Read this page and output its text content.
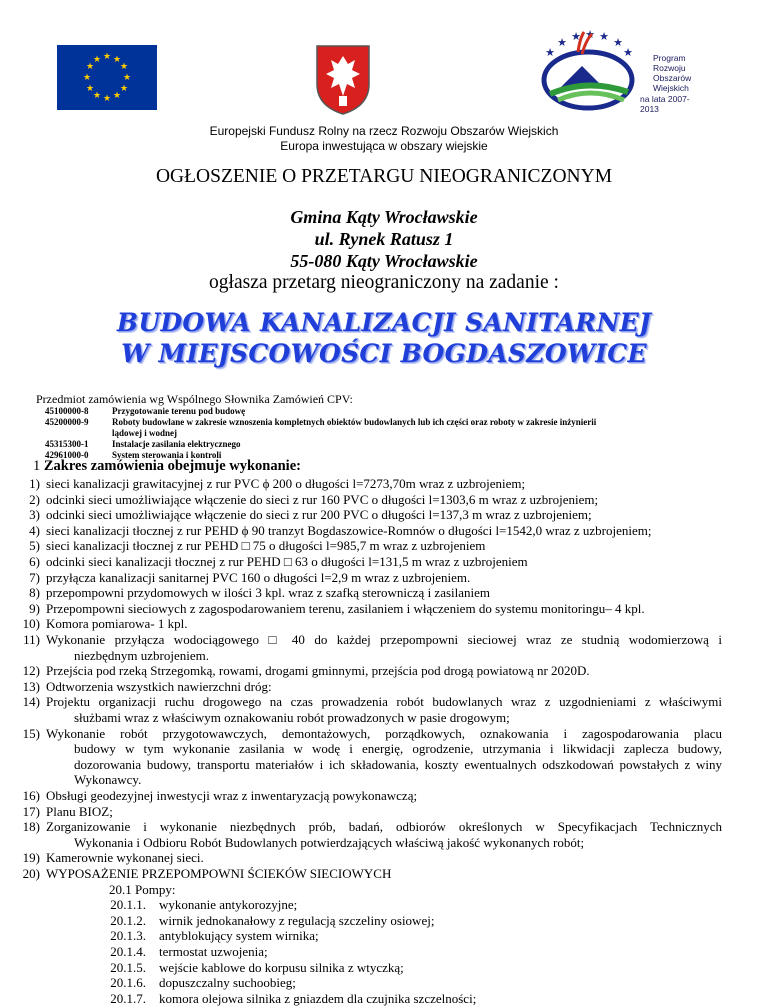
★ ★
★
★
★
★
★
★
★
★
★
★
★
★ ★ ★ ★ ★
★ Program
Rozwoju
Obszarów
Wiejskich
na lata 2007-2013
Europejski Fundusz Rolny na rzecz Rozwoju Obszarów Wiejskich
Europa inwestująca w obszary wiejskie
OGŁOSZENIE O PRZETARGU NIEOGRANICZONYM
Gmina Kąty Wrocławskie
ul. Rynek Ratusz 1
55-080 Kąty Wrocławskie
ogłasza przetarg nieograniczony na zadanie :
BUDOWA KANALIZACJI SANITARNEJ
W MIEJSCOWOŚCI BOGDASZOWICE
Przedmiot zamówienia wg Wspólnego Słownika Zamówień CPV:
45100000-8	Przygotowanie terenu pod budowę
45200000-9	Roboty budowlane w zakresie wznoszenia kompletnych obiektów budowlanych lub ich części oraz roboty w zakresie inżynierii
lądowej i wodnej
45315300-1	Instalacje zasilania elektrycznego
42961000-0	System sterowania i kontroli
1 Zakres zamówienia obejmuje wykonanie:
1) sieci kanalizacji grawitacyjnej z rur PVC ϕ 200 o długości l=7273,70m wraz z uzbrojeniem;
2) odcinki sieci umożliwiające włączenie do sieci z rur 160 PVC o długości l=1303,6 m wraz z uzbrojeniem;
3) odcinki sieci umożliwiające włączenie do sieci z rur 200 PVC o długości l=137,3 m wraz z uzbrojeniem;
4) sieci kanalizacji tłocznej z rur PEHD ϕ 90 tranzyt Bogdaszowice-Romnów o długości l=1542,0 wraz z uzbrojeniem;
5) sieci kanalizacji tłocznej z rur PEHD □ 75 o długości l=985,7 m wraz z uzbrojeniem
6) odcinki sieci kanalizacji tłocznej z rur PEHD □ 63 o długości l=131,5 m wraz z uzbrojeniem
7) przyłącza kanalizacji sanitarnej PVC 160 o długości l=2,9 m wraz z uzbrojeniem.
8) przepompowni przydomowych w ilości 3 kpl. wraz z szafką sterowniczą i zasilaniem
9) Przepompowni sieciowych z zagospodarowaniem terenu, zasilaniem i włączeniem do systemu monitoringu– 4 kpl.
10) Komora pomiarowa- 1 kpl.
11) Wykonanie przyłącza wodociągowego □ 40 do każdej przepompowni sieciowej wraz ze studnią wodomierzową i
niezbędnym uzbrojeniem.
12) Przejścia pod rzeką Strzegomką, rowami, drogami gminnymi, przejścia pod drogą powiatową nr 2020D.
13) Odtworzenia wszystkich nawierzchni dróg:
14) Projektu organizacji ruchu drogowego na czas prowadzenia robót budowlanych wraz z uzgodnieniami z właściwymi
służbami wraz z właściwym oznakowaniu robót prowadzonych w pasie drogowym;
15) Wykonanie robót przygotowawczych, demontażowych, porządkowych, oznakowania i zagospodarowania placu
budowy w tym wykonanie zasilania w wodę i energię, ogrodzenie, utrzymania i likwidacji zaplecza budowy,
dozorowania budowy, transportu materiałów i ich składowania, koszty ewentualnych odszkodowań powstałych z winy
Wykonawcy.
16) Obsługi geodezyjnej inwestycji wraz z inwentaryzacją powykonawczą;
17) Planu BIOZ;
18) Zorganizowanie i wykonanie niezbędnych prób, badań, odbiorów określonych w Specyfikacjach Technicznych
Wykonania i Odbioru Robót Budowlanych potwierdzających właściwą jakość wykonanych robót;
19) Kamerownie wykonanej sieci.
20) WYPOSAŻENIE PRZEPOMPOWNI ŚCIEKÓW SIECIOWYCH
20.1 Pompy:
20.1.1. wykonanie antykorozyjne;
20.1.2. wirnik jednokanałowy z regulacją szczeliny osiowej;
20.1.3. antyblokujący system wirnika;
20.1.4. termostat uzwojenia;
20.1.5. wejście kablowe do korpusu silnika z wtyczką;
20.1.6. dopuszczalny suchoobieg;
20.1.7. komora olejowa silnika z gniazdem dla czujnika szczelności;
